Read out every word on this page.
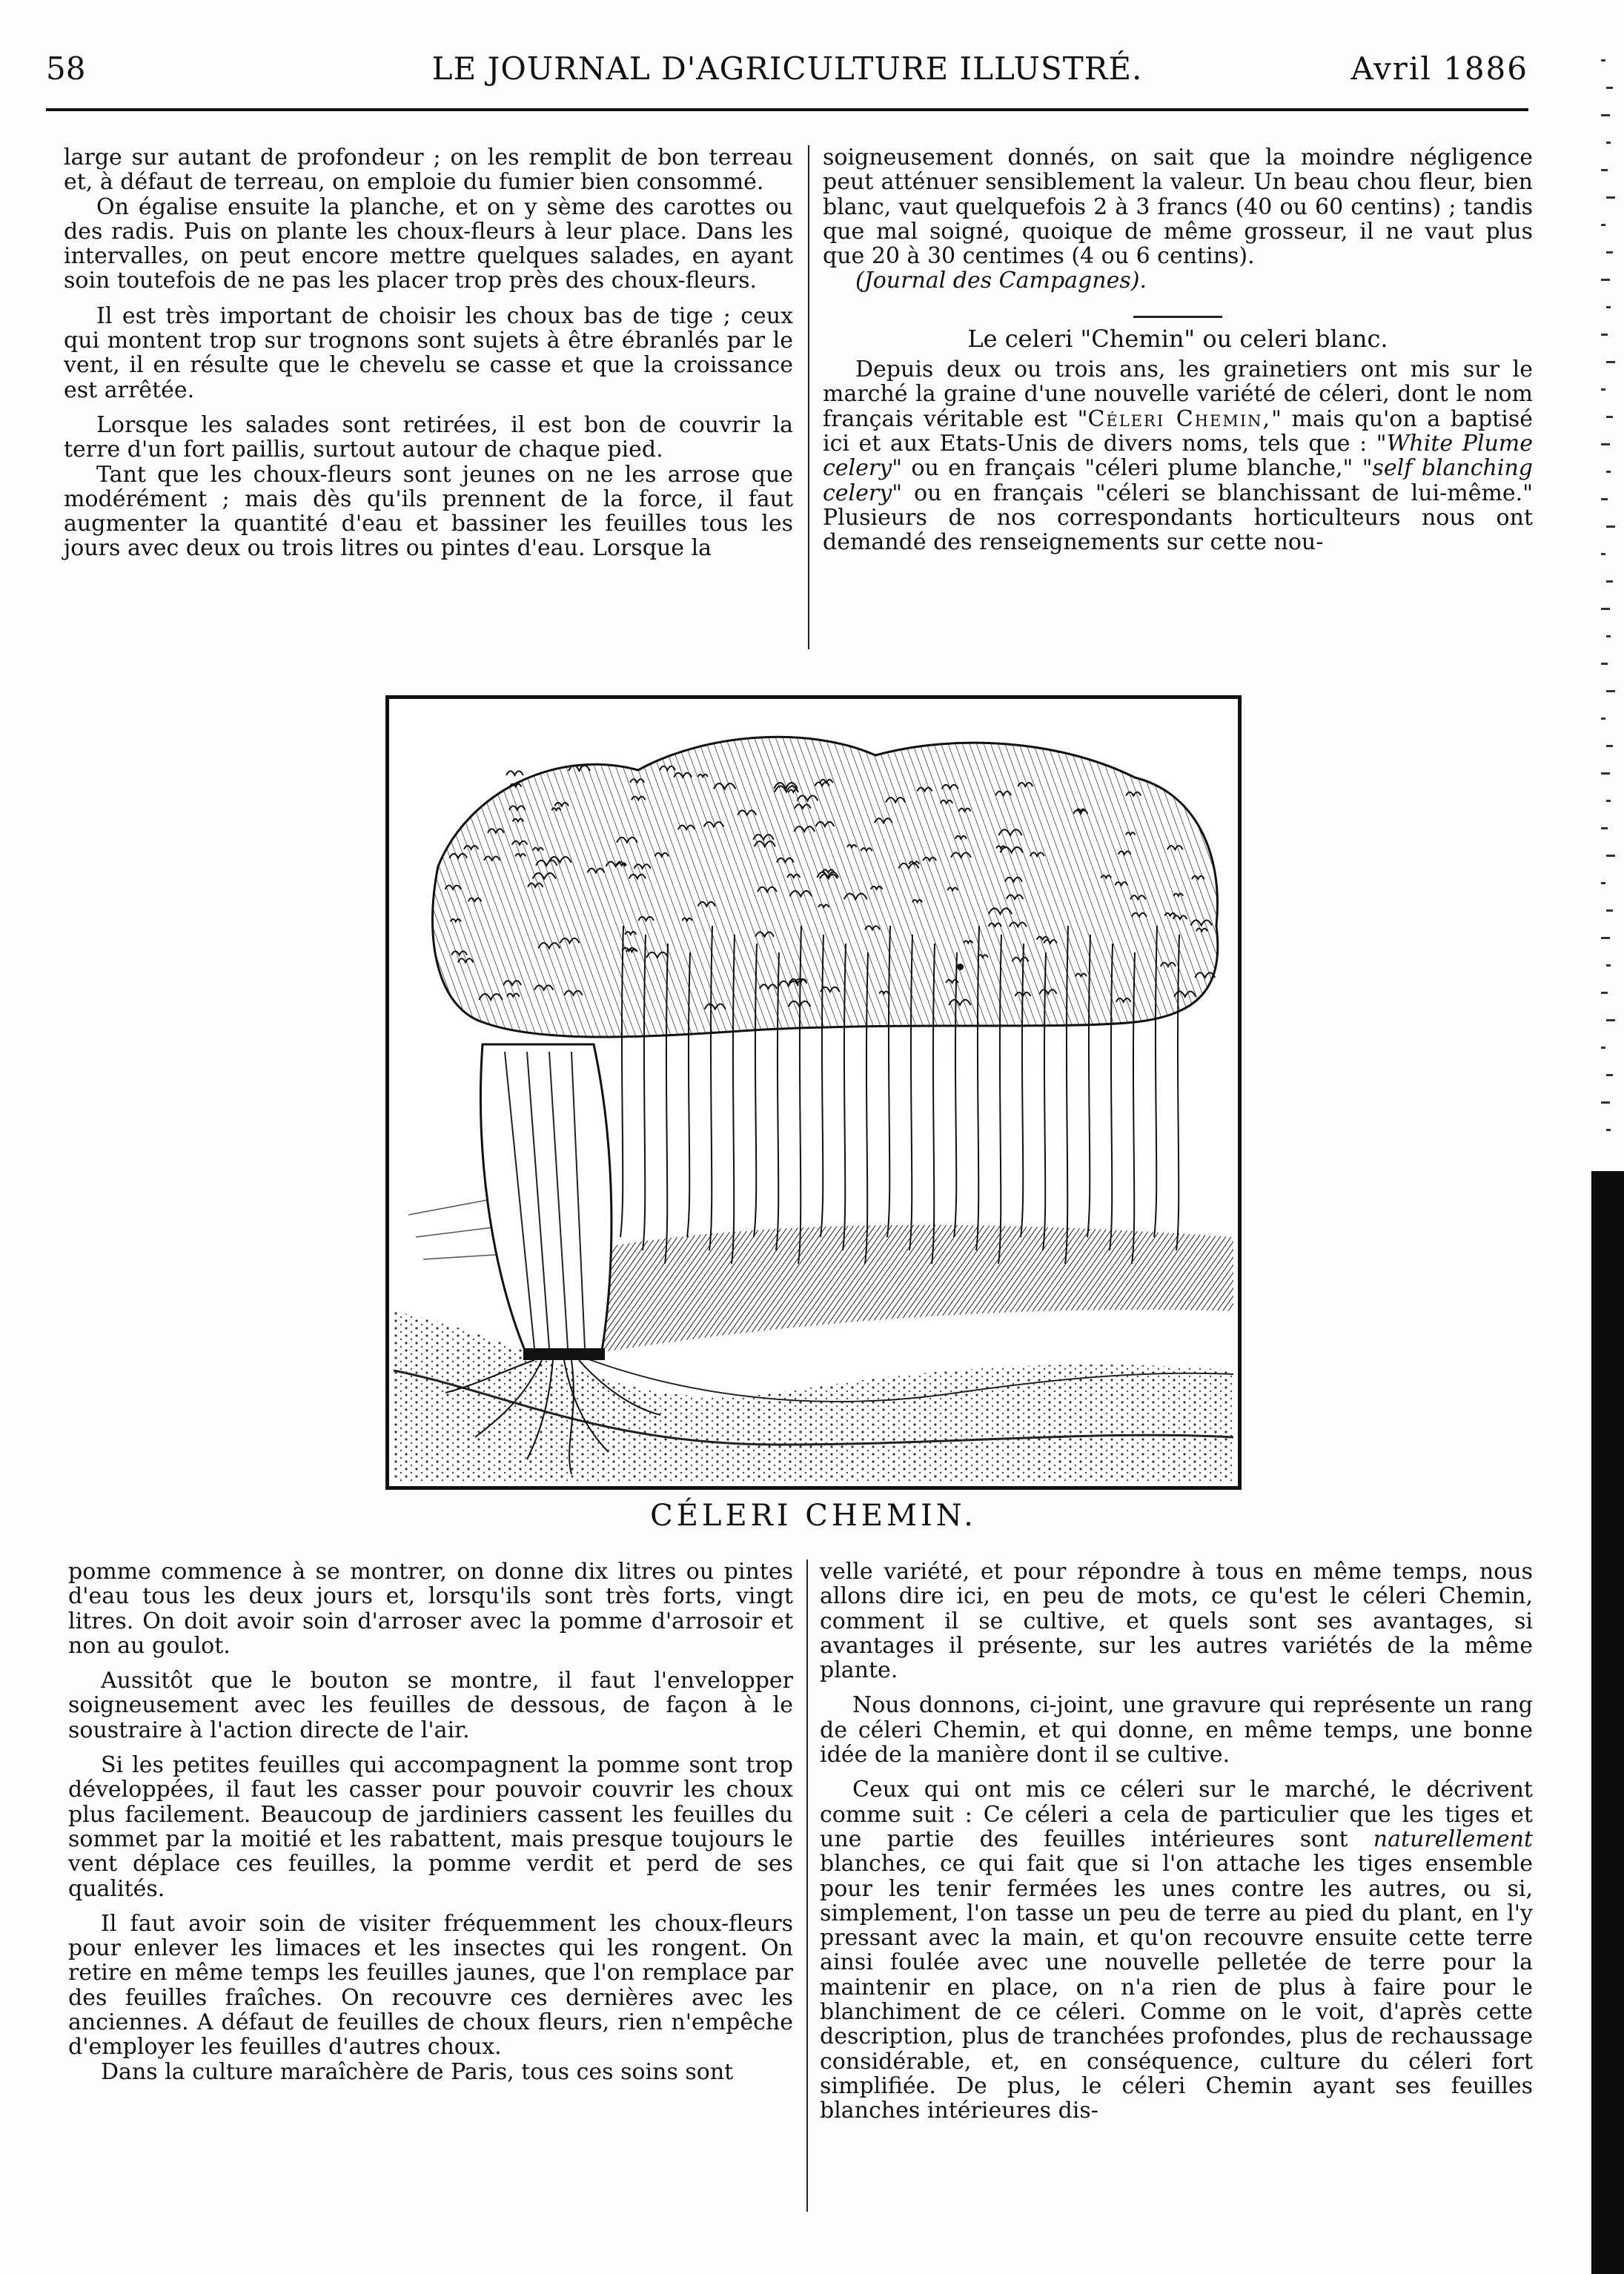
58	LE JOURNAL D'AGRICULTURE ILLUSTRÉ.	Avril 1886

large sur autant de profondeur ; on les remplit de bon terreau et, à défaut de terreau, on emploie du fumier bien consommé.

On égalise ensuite la planche, et on y sème des carottes ou des radis. Puis on plante les choux-fleurs à leur place. Dans les intervalles, on peut encore mettre quelques salades, en ayant soin toutefois de ne pas les placer trop près des choux-fleurs.

Il est très important de choisir les choux bas de tige ; ceux qui montent trop sur trognons sont sujets à être ébranlés par le vent, il en résulte que le chevelu se casse et que la croissance est arrêtée.

Lorsque les salades sont retirées, il est bon de couvrir la terre d'un fort paillis, surtout autour de chaque pied.

Tant que les choux-fleurs sont jeunes on ne les arrose que modérément ; mais dès qu'ils prennent de la force, il faut augmenter la quantité d'eau et bassiner les feuilles tous les jours avec deux ou trois litres ou pintes d'eau. Lorsque la

soigneusement donnés, on sait que la moindre négligence peut atténuer sensiblement la valeur. Un beau chou fleur, bien blanc, vaut quelquefois 2 à 3 francs (40 ou 60 centins) ; tandis que mal soigné, quoique de même grosseur, il ne vaut plus que 20 à 30 centimes (4 ou 6 centins).

(Journal des Campagnes).

Le celeri "Chemin" ou celeri blanc.

Depuis deux ou trois ans, les grainetiers ont mis sur le marché la graine d'une nouvelle variété de céleri, dont le nom français véritable est "Céleri Chemin," mais qu'on a baptisé ici et aux Etats-Unis de divers noms, tels que : "White Plume celery" ou en français "céleri plume blanche," "self blanching celery" ou en français "céleri se blanchissant de lui-même." Plusieurs de nos correspondants horticulteurs nous ont demandé des renseignements sur cette nou-

CÉLERI CHEMIN.

pomme commence à se montrer, on donne dix litres ou pintes d'eau tous les deux jours et, lorsqu'ils sont très forts, vingt litres. On doit avoir soin d'arroser avec la pomme d'arrosoir et non au goulot.

Aussitôt que le bouton se montre, il faut l'envelopper soigneusement avec les feuilles de dessous, de façon à le soustraire à l'action directe de l'air.

Si les petites feuilles qui accompagnent la pomme sont trop développées, il faut les casser pour pouvoir couvrir les choux plus facilement. Beaucoup de jardiniers cassent les feuilles du sommet par la moitié et les rabattent, mais presque toujours le vent déplace ces feuilles, la pomme verdit et perd de ses qualités.

Il faut avoir soin de visiter fréquemment les choux-fleurs pour enlever les limaces et les insectes qui les rongent. On retire en même temps les feuilles jaunes, que l'on remplace par des feuilles fraîches. On recouvre ces dernières avec les anciennes. A défaut de feuilles de choux fleurs, rien n'empêche d'employer les feuilles d'autres choux.

Dans la culture maraîchère de Paris, tous ces soins sont

velle variété, et pour répondre à tous en même temps, nous allons dire ici, en peu de mots, ce qu'est le céleri Chemin, comment il se cultive, et quels sont ses avantages, si avantages il présente, sur les autres variétés de la même plante.

Nous donnons, ci-joint, une gravure qui représente un rang de céleri Chemin, et qui donne, en même temps, une bonne idée de la manière dont il se cultive.

Ceux qui ont mis ce céleri sur le marché, le décrivent comme suit : Ce céleri a cela de particulier que les tiges et une partie des feuilles intérieures sont naturellement blanches, ce qui fait que si l'on attache les tiges ensemble pour les tenir fermées les unes contre les autres, ou si, simplement, l'on tasse un peu de terre au pied du plant, en l'y pressant avec la main, et qu'on recouvre ensuite cette terre ainsi foulée avec une nouvelle pelletée de terre pour la maintenir en place, on n'a rien de plus à faire pour le blanchiment de ce céleri. Comme on le voit, d'après cette description, plus de tranchées profondes, plus de rechaussage considérable, et, en conséquence, culture du céleri fort simplifiée. De plus, le céleri Chemin ayant ses feuilles blanches intérieures dis-
